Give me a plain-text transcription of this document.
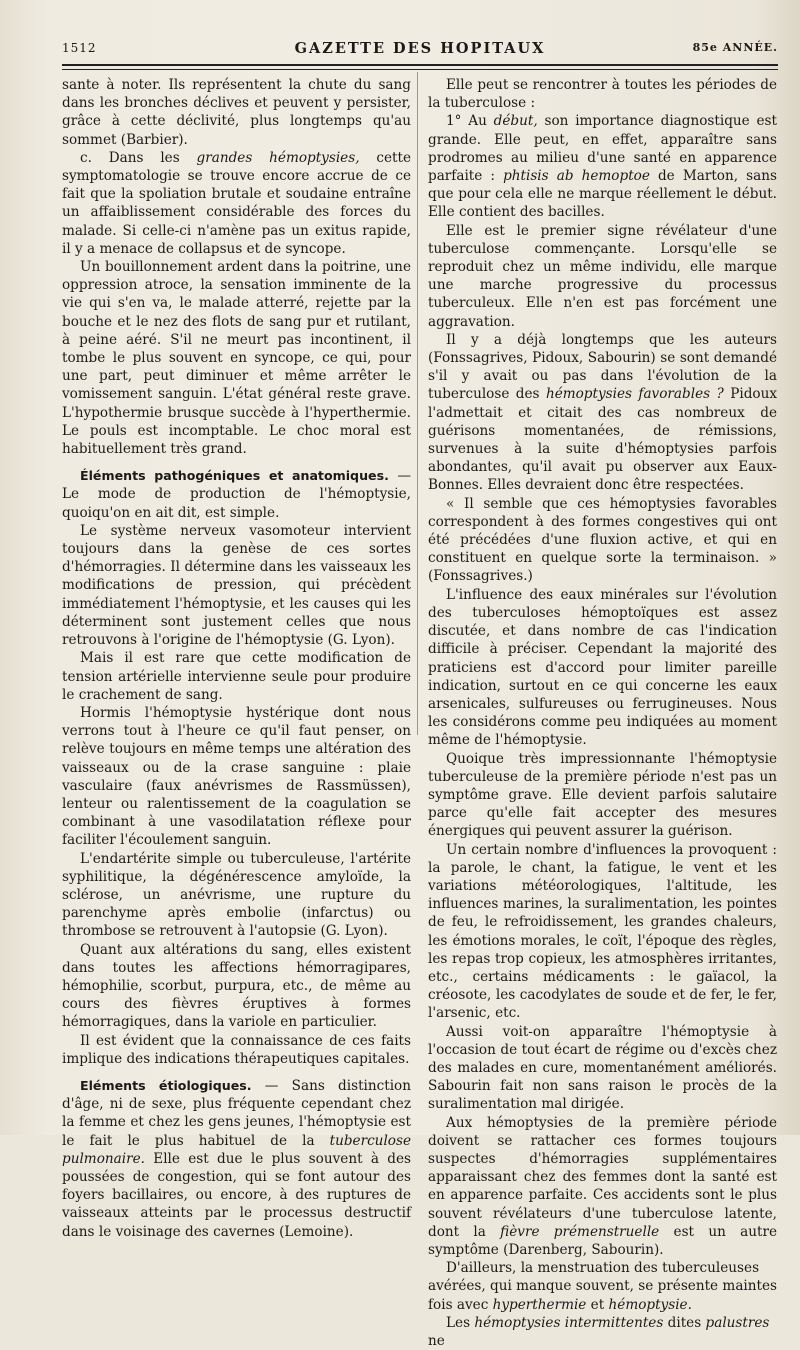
1512	GAZETTE DES HOPITAUX	85e ANNÉE.

sante à noter. Ils représentent la chute du sang dans les bronches déclives et peuvent y persister, grâce à cette déclivité, plus longtemps qu'au sommet (Barbier).

c. Dans les grandes hémoptysies, cette symptomatologie se trouve encore accrue de ce fait que la spoliation brutale et soudaine entraîne un affaiblissement considérable des forces du malade. Si celle-ci n'amène pas un exitus rapide, il y a menace de collapsus et de syncope.

Un bouillonnement ardent dans la poitrine, une oppression atroce, la sensation imminente de la vie qui s'en va, le malade atterré, rejette par la bouche et le nez des flots de sang pur et rutilant, à peine aéré. S'il ne meurt pas incontinent, il tombe le plus souvent en syncope, ce qui, pour une part, peut diminuer et même arrêter le vomissement sanguin. L'état général reste grave. L'hypothermie brusque succède à l'hyperthermie. Le pouls est incomptable. Le choc moral est habituellement très grand.

Éléments pathogéniques et anatomiques. — Le mode de production de l'hémoptysie, quoiqu'on en ait dit, est simple.

Le système nerveux vasomoteur intervient toujours dans la genèse de ces sortes d'hémorragies. Il détermine dans les vaisseaux les modifications de pression, qui précèdent immédiatement l'hémoptysie, et les causes qui les déterminent sont justement celles que nous retrouvons à l'origine de l'hémoptysie (G. Lyon).

Mais il est rare que cette modification de tension artérielle intervienne seule pour produire le crachement de sang.

Hormis l'hémoptysie hystérique dont nous verrons tout à l'heure ce qu'il faut penser, on relève toujours en même temps une altération des vaisseaux ou de la crase sanguine : plaie vasculaire (faux anévrismes de Rassmüssen), lenteur ou ralentissement de la coagulation se combinant à une vasodilatation réflexe pour faciliter l'écoulement sanguin.

L'endartérite simple ou tuberculeuse, l'artérite syphilitique, la dégénérescence amyloïde, la sclérose, un anévrisme, une rupture du parenchyme après embolie (infarctus) ou thrombose se retrouvent à l'autopsie (G. Lyon).

Quant aux altérations du sang, elles existent dans toutes les affections hémorragipares, hémophilie, scorbut, purpura, etc., de même au cours des fièvres éruptives à formes hémorragiques, dans la variole en particulier.

Il est évident que la connaissance de ces faits implique des indications thérapeutiques capitales.

Eléments étiologiques. — Sans distinction d'âge, ni de sexe, plus fréquente cependant chez la femme et chez les gens jeunes, l'hémoptysie est le fait le plus habituel de la tuberculose pulmonaire. Elle est due le plus souvent à des poussées de congestion, qui se font autour des foyers bacillaires, ou encore, à des ruptures de vaisseaux atteints par le processus destructif dans le voisinage des cavernes (Lemoine).

Elle peut se rencontrer à toutes les périodes de la tuberculose :

1° Au début, son importance diagnostique est grande. Elle peut, en effet, apparaître sans prodromes au milieu d'une santé en apparence parfaite : phtisis ab hemoptoe de Marton, sans que pour cela elle ne marque réellement le début. Elle contient des bacilles.

Elle est le premier signe révélateur d'une tuberculose commençante. Lorsqu'elle se reproduit chez un même individu, elle marque une marche progressive du processus tuberculeux. Elle n'en est pas forcément une aggravation.

Il y a déjà longtemps que les auteurs (Fonssagrives, Pidoux, Sabourin) se sont demandé s'il y avait ou pas dans l'évolution de la tuberculose des hémoptysies favorables ? Pidoux l'admettait et citait des cas nombreux de guérisons momentanées, de rémissions, survenues à la suite d'hémoptysies parfois abondantes, qu'il avait pu observer aux Eaux-Bonnes. Elles devraient donc être respectées.

« Il semble que ces hémoptysies favorables correspondent à des formes congestives qui ont été précédées d'une fluxion active, et qui en constituent en quelque sorte la terminaison. » (Fonssagrives.)

L'influence des eaux minérales sur l'évolution des tuberculoses hémoptoïques est assez discutée, et dans nombre de cas l'indication difficile à préciser. Cependant la majorité des praticiens est d'accord pour limiter pareille indication, surtout en ce qui concerne les eaux arsenicales, sulfureuses ou ferrugineuses. Nous les considérons comme peu indiquées au moment même de l'hémoptysie.

Quoique très impressionnante l'hémoptysie tuberculeuse de la première période n'est pas un symptôme grave. Elle devient parfois salutaire parce qu'elle fait accepter des mesures énergiques qui peuvent assurer la guérison.

Un certain nombre d'influences la provoquent : la parole, le chant, la fatigue, le vent et les variations météorologiques, l'altitude, les influences marines, la suralimentation, les pointes de feu, le refroidissement, les grandes chaleurs, les émotions morales, le coït, l'époque des règles, les repas trop copieux, les atmosphères irritantes, etc., certains médicaments : le gaïacol, la créosote, les cacodylates de soude et de fer, le fer, l'arsenic, etc.

Aussi voit-on apparaître l'hémoptysie à l'occasion de tout écart de régime ou d'excès chez des malades en cure, momentanément améliorés. Sabourin fait non sans raison le procès de la suralimentation mal dirigée.

Aux hémoptysies de la première période doivent se rattacher ces formes toujours suspectes d'hémorragies supplémentaires apparaissant chez des femmes dont la santé est en apparence parfaite. Ces accidents sont le plus souvent révélateurs d'une tuberculose latente, dont la fièvre prémenstruelle est un autre symptôme (Darenberg, Sabourin).

D'ailleurs, la menstruation des tuberculeuses avérées, qui manque souvent, se présente maintes fois avec hyperthermie et hémoptysie.

Les hémoptysies intermittentes dites palustres ne
